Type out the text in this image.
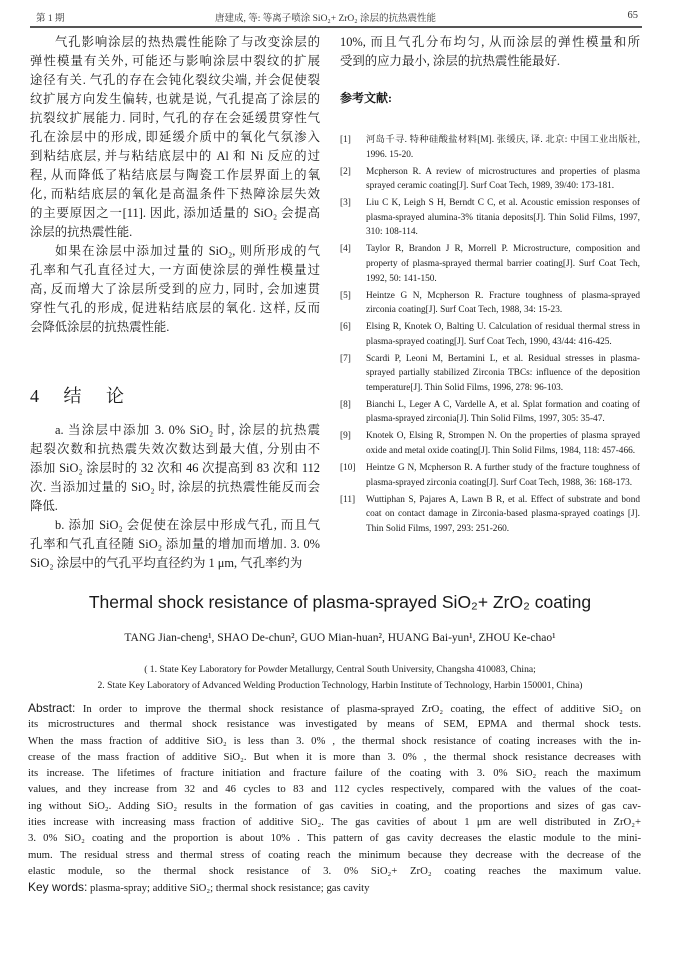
第 1 期	唐建成, 等: 等离子喷涂 SiO₂+ ZrO₂ 涂层的抗热震性能	65
气孔影响涂层的热热震性能除了与改变涂层的
弹性模量有关外, 可能还与影响涂层中裂纹的扩展
途径有关. 气孔的存在会钝化裂纹尖端, 并会促使裂
纹扩展方向发生偏转, 也就是说, 气孔提高了涂层的
抗裂纹扩展能力. 同时, 气孔的存在会延缓贯穿性气
孔在涂层中的形成, 即延缓介质中的氧化气氛渗入
到粘结底层, 并与粘结底层中的 Al 和 Ni 反应的过
程, 从而降低了粘结底层与陶瓷工作层界面上的氧
化, 而粘结底层的氧化是高温条件下热障涂层失效
的主要原因之一[11]. 因此, 添加适量的 SiO₂ 会提高
涂层的抗热震性能.
如果在涂层中添加过量的 SiO₂, 则所形成的气
孔率和气孔直径过大, 一方面使涂层的弹性模量过
高, 反而增大了涂层所受到的应力, 同时, 会加速贯
穿性气孔的形成, 促进粘结底层的氧化. 这样, 反而
会降低涂层的抗热震性能.
4 结 论
a. 当涂层中添加 3. 0% SiO₂ 时, 涂层的抗热震
起裂次数和抗热震失效次数达到最大值, 分别由不
添加 SiO₂ 涂层时的 32 次和 46 次提高到 83 次和 112
次. 当添加过量的 SiO₂ 时, 涂层的抗热震性能反而会
降低.
b. 添加 SiO₂ 会促使在涂层中形成气孔, 而且气
孔率和气孔直径随 SiO₂ 添加量的增加而增加. 3. 0%
SiO₂ 涂层中的气孔平均直径约为 1 μm, 气孔率约为
10%, 而且气孔分布均匀, 从而涂层的弹性模量和所
受到的应力最小, 涂层的抗热震性能最好.
参考文献:
[1]	河岛千寻. 特种硅酸盐材料[M]. 张缓庆, 译. 北京: 中国工业出版社, 1996. 15-20.
[2]	Mcpherson R. A review of microstructures and properties of plasma sprayed ceramic coating[J]. Surf Coat Tech, 1989, 39/40: 173-181.
[3]	Liu C K, Leigh S H, Berndt C C, et al. Acoustic emission responses of plasma-sprayed alumina-3% titania deposits[J]. Thin Solid Films, 1997, 310: 108-114.
[4]	Taylor R, Brandon J R, Morrell P. Microstructure, composition and property of plasma-sprayed thermal barrier coating[J]. Surf Coat Tech, 1992, 50: 141-150.
[5]	Heintze G N, Mcpherson R. Fracture toughness of plasma-sprayed zirconia coating[J]. Surf Coat Tech, 1988, 34: 15-23.
[6]	Elsing R, Knotek O, Balting U. Calculation of residual thermal stress in plasma-sprayed coating[J]. Surf Coat Tech, 1990, 43/44: 416-425.
[7]	Scardi P, Leoni M, Bertamini L, et al. Residual stresses in plasma-sprayed partially stabilized Zirconia TBCs: influence of the deposition temperature[J]. Thin Solid Films, 1996, 278: 96-103.
[8]	Bianchi L, Leger A C, Vardelle A, et al. Splat formation and coating of plasma-sprayed zirconia[J]. Thin Solid Films, 1997, 305: 35-47.
[9]	Knotek O, Elsing R, Strompen N. On the properties of plasma sprayed oxide and metal oxide coating[J]. Thin Solid Films, 1984, 118: 457-466.
[10]	Heintze G N, Mcpherson R. A further study of the fracture toughness of plasma-sprayed zirconia coating[J]. Surf Coat Tech, 1988, 36: 168-173.
[11]	Wuttiphan S, Pajares A, Lawn B R, et al. Effect of substrate and bond coat on contact damage in Zirconia-based plasma-sprayed coatings [J]. Thin Solid Films, 1997, 293: 251-260.
Thermal shock resistance of plasma-sprayed SiO₂+ ZrO₂ coating
TANG Jian-cheng¹, SHAO De-chun², GUO Mian-huan², HUANG Bai-yun¹, ZHOU Ke-chao¹
( 1. State Key Laboratory for Powder Metallurgy, Central South University, Changsha 410083, China;
2. State Key Laboratory of Advanced Welding Production Technology, Harbin Institute of Technology, Harbin 150001, China)
Abstract: In order to improve the thermal shock resistance of plasma-sprayed ZrO₂ coating, the effect of additive SiO₂ on
its microstructures and thermal shock resistance was investigated by means of SEM, EPMA and thermal shock tests.
When the mass fraction of additive SiO₂ is less than 3. 0% , the thermal shock resistance of coating increases with the in-
crease of the mass fraction of additive SiO₂. But when it is more than 3. 0% , the thermal shock resistance decreases with
its increase. The lifetimes of fracture initiation and fracture failure of the coating with 3. 0% SiO₂ reach the maximum
values, and they increase from 32 and 46 cycles to 83 and 112 cycles respectively, compared with the values of the coat-
ing without SiO₂. Adding SiO₂ results in the formation of gas cavities in coating, and the proportions and sizes of gas cav-
ities increase with increasing mass fraction of additive SiO₂. The gas cavities of about 1 μm are well distributed in ZrO₂+
3. 0% SiO₂ coating and the proportion is about 10% . This pattern of gas cavity decreases the elastic module to the mini-
mum. The residual stress and thermal stress of coating reach the minimum because they decrease with the decrease of the
elastic module, so the thermal shock resistance of 3. 0% SiO₂+ ZrO₂ coating reaches the maximum value.
Key words: plasma-spray; additive SiO₂; thermal shock resistance; gas cavity
